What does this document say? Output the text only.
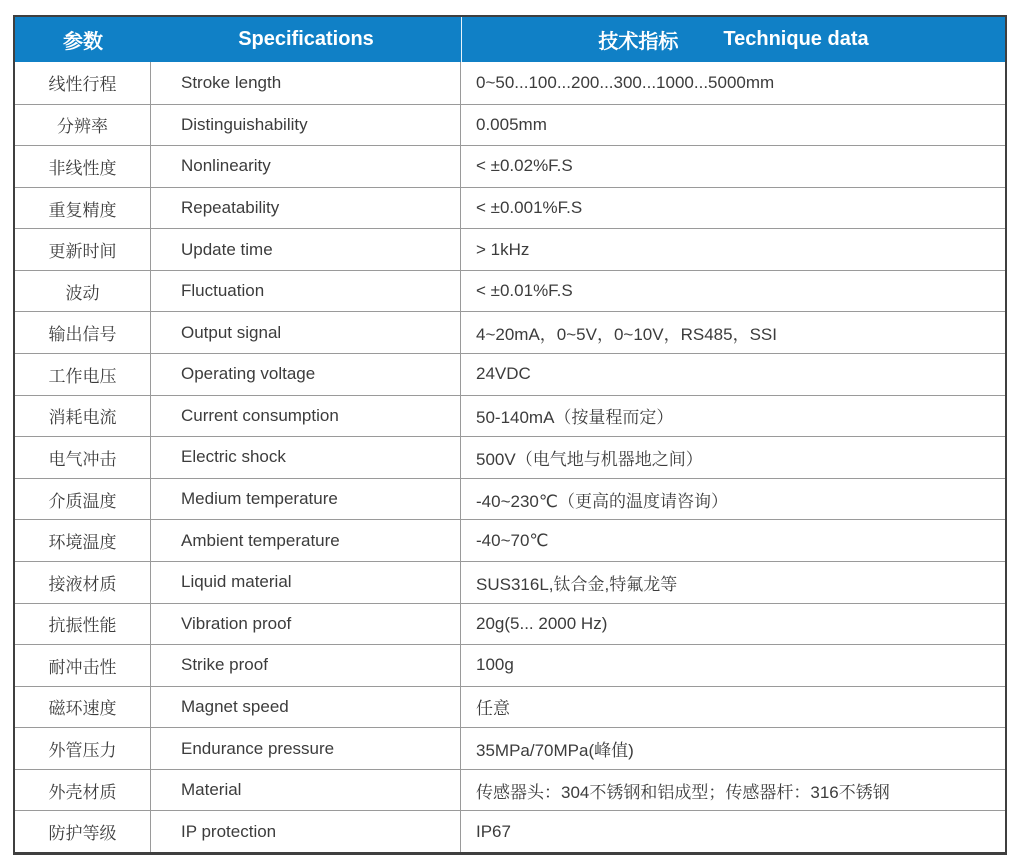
参数	Specifications	技术指标 Technique data
线性行程	Stroke length	0~50...100...200...300...1000...5000mm
分辨率	Distinguishability	0.005mm
非线性度	Nonlinearity	< ±0.02%F.S
重复精度	Repeatability	< ±0.001%F.S
更新时间	Update time	> 1kHz
波动	Fluctuation	< ±0.01%F.S
输出信号	Output signal	4~20mA，0~5V，0~10V，RS485，SSI
工作电压	Operating voltage	24VDC
消耗电流	Current consumption	50-140mA（按量程而定）
电气冲击	Electric shock	500V（电气地与机器地之间）
介质温度	Medium temperature	-40~230℃（更高的温度请咨询）
环境温度	Ambient temperature	-40~70℃
接液材质	Liquid material	SUS316L,钛合金,特氟龙等
抗振性能	Vibration proof	20g(5... 2000 Hz)
耐冲击性	Strike proof	100g
磁环速度	Magnet speed	任意
外管压力	Endurance pressure	35MPa/70MPa(峰值)
外壳材质	Material	传感器头：304不锈钢和铝成型；传感器杆：316不锈钢
防护等级	IP protection	IP67
